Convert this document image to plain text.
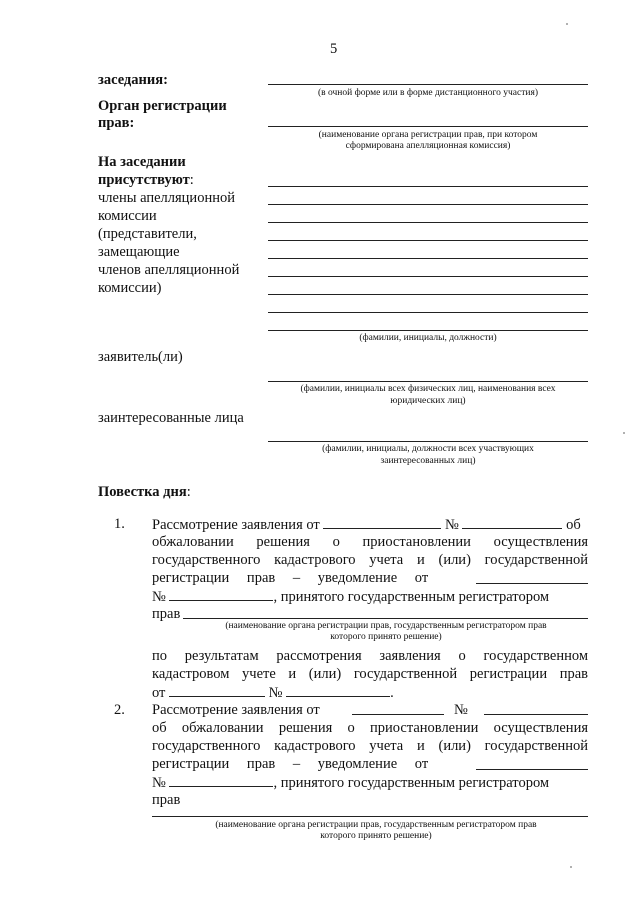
5
заседания:
(в очной форме или в форме дистанционного участия)
Орган регистрации
прав:
(наименование органа регистрации прав, при котором
сформирована апелляционная комиссия)
На заседании
присутствуют:
члены апелляционной
комиссии
(представители,
замещающие
членов апелляционной
комиссии)
(фамилии, инициалы, должности)
заявитель(ли)
(фамилии, инициалы всех физических лиц, наименования всех
юридических лиц)
заинтересованные лица
(фамилии, инициалы, должности всех участвующих
заинтересованных лиц)
Повестка дня:
1. Рассмотрение заявления от	№	об
обжаловании решения о приостановлении осуществления
государственного кадастрового учета и (или) государственной
регистрации прав – уведомление от
№	, принятого государственным регистратором
прав
(наименование органа регистрации прав, государственным регистратором прав
которого принято решение)
по результатам рассмотрения заявления о государственном
кадастровом учете и (или) государственной регистрации прав
от	№	.
2. Рассмотрение заявления от	№
об обжаловании решения о приостановлении осуществления
государственного кадастрового учета и (или) государственной
регистрации прав – уведомление от
№	, принятого государственным регистратором
прав
(наименование органа регистрации прав, государственным регистратором прав
которого принято решение)
